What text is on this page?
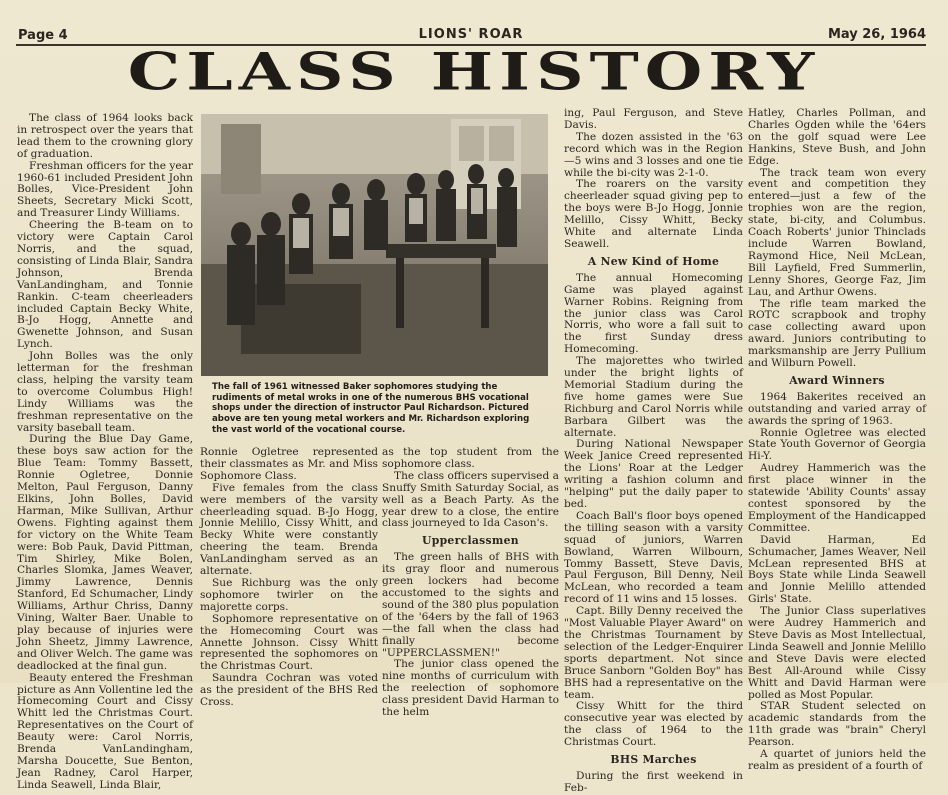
Page 4	LIONS' ROAR	May 26, 1964
CLASS HISTORY

The class of 1964 looks back in retrospect over the years that lead them to the crowning glory of graduation.

Freshman officers for the year 1960-61 included President John Bolles, Vice-President John Sheets, Secretary Micki Scott, and Treasurer Lindy Williams.

Cheering the B-team on to victory were Captain Carol Norris, and the squad, consisting of Linda Blair, Sandra Johnson, Brenda VanLandingham, and Tonnie Rankin. C-team cheerleaders included Captain Becky White, B-Jo Hogg, Annette and Gwenette Johnson, and Susan Lynch.

John Bolles was the only letterman for the freshman class, helping the varsity team to overcome Columbus High! Lindy Williams was the freshman representative on the varsity baseball team.

During the Blue Day Game, these boys saw action for the Blue Team: Tommy Bassett, Ronnie Ogletree, Donnie Melton, Paul Ferguson, Danny Elkins, John Bolles, David Harman, Mike Sullivan, Arthur Owens. Fighting against them for victory on the White Team were: Bob Pauk, David Pittman, Tim Shirley, Mike Bolen, Charles Slomka, James Weaver, Jimmy Lawrence, Dennis Stanford, Ed Schumacher, Lindy Williams, Arthur Chriss, Danny Vining, Walter Baer. Unable to play because of injuries were John Sheetz, Jimmy Lawrence, and Oliver Welch. The game was deadlocked at the final gun.

Beauty entered the Freshman picture as Ann Vollentine led the Homecoming Court and Cissy Whitt led the Christmas Court. Representatives on the Court of Beauty were: Carol Norris, Brenda VanLandingham, Marsha Doucette, Sue Benton, Jean Radney, Carol Harper, Linda Seawell, Linda Blair,

The fall of 1961 witnessed Baker sophomores studying the rudiments of metal wroks in one of the numerous BHS vocational shops under the direction of instructor Paul Richardson. Pictured above are ten young metal workers and Mr. Richardson exploring the vast world of the vocational course.

Ronnie Ogletree represented their classmates as Mr. and Miss Sophomore Class.

Five females from the class were members of the varsity cheerleading squad. B-Jo Hogg, Jonnie Melillo, Cissy Whitt, and Becky White were constantly cheering the team. Brenda VanLandingham served as an alternate.

Sue Richburg was the only sophomore twirler on the majorette corps.

Sophomore representative on the Homecoming Court was Annette Johnson. Cissy Whitt represented the sophomores on the Christmas Court.

Saundra Cochran was voted as the president of the BHS Red Cross.

as the top student from the sophomore class.

The class officers supervised a Snuffy Smith Saturday Social, as well as a Beach Party. As the year drew to a close, the entire class journeyed to Ida Cason's.

Upperclassmen

The green halls of BHS with its gray floor and numerous green lockers had become accustomed to the sights and sound of the 380 plus population of the '64ers by the fall of 1963—the fall when the class had finally become "UPPERCLASSMEN!"

The junior class opened the nine months of curriculum with the reelection of sophomore class president David Harman to the helm

ing, Paul Ferguson, and Steve Davis.

The dozen assisted in the '63 record which was in the Region—5 wins and 3 losses and one tie while the bi-city was 2-1-0.

The roarers on the varsity cheerleader squad giving pep to the boys were B-Jo Hogg, Jonnie Melillo, Cissy Whitt, Becky White and alternate Linda Seawell.

A New Kind of Home

The annual Homecoming Game was played against Warner Robins. Reigning from the junior class was Carol Norris, who wore a fall suit to the first Sunday dress Homecoming.

The majorettes who twirled under the bright lights of Memorial Stadium during the five home games were Sue Richburg and Carol Norris while Barbara Gilbert was the alternate.

During National Newspaper Week Janice Creed represented the Lions' Roar at the Ledger writing a fashion column and "helping" put the daily paper to bed.

Coach Ball's floor boys opened the tilling season with a varsity squad of juniors, Warren Bowland, Warren Wilbourn, Tommy Bassett, Steve Davis, Paul Ferguson, Bill Denny, Neil McLean, who recorded a team record of 11 wins and 15 losses.

Capt. Billy Denny received the "Most Valuable Player Award" on the Christmas Tournament by selection of the Ledger-Enquirer sports department. Not since Bruce Sanborn "Golden Boy" has BHS had a representative on the team.

Cissy Whitt for the third consecutive year was elected by the class of 1964 to the Christmas Court.

BHS Marches

During the first weekend in Feb-

Hatley, Charles Pollman, and Charles Ogden while the '64ers on the golf squad were Lee Hankins, Steve Bush, and John Edge.

The track team won every event and competition they entered—just a few of the trophies won are the region, state, bi-city, and Columbus. Coach Roberts' junior Thinclads include Warren Bowland, Raymond Hice, Neil McLean, Bill Layfield, Fred Summerlin, Lenny Shores, George Faz, Jim Lau, and Arthur Owens.

The rifle team marked the ROTC scrapbook and trophy case collecting award upon award. Juniors contributing to marksmanship are Jerry Pullium and Wilburn Powell.

Award Winners

1964 Bakerites received an outstanding and varied array of awards the spring of 1963.

Ronnie Ogletree was elected State Youth Governor of Georgia Hi-Y.

Audrey Hammerich was the first place winner in the statewide 'Ability Counts' assay contest sponsored by the Employment of the Handicapped Committee.

David Harman, Ed Schumacher, James Weaver, Neil McLean represented BHS at Boys State while Linda Seawell and Jonnie Melillo attended Girls' State.

The Junior Class superlatives were Audrey Hammerich and Steve Davis as Most Intellectual, Linda Seawell and Jonnie Melillo and Steve Davis were elected Best All-Around while Cissy Whitt and David Harman were polled as Most Popular.

STAR Student selected on academic standards from the 11th grade was "brain" Cheryl Pearson.

A quartet of juniors held the realm as president of a fourth of
